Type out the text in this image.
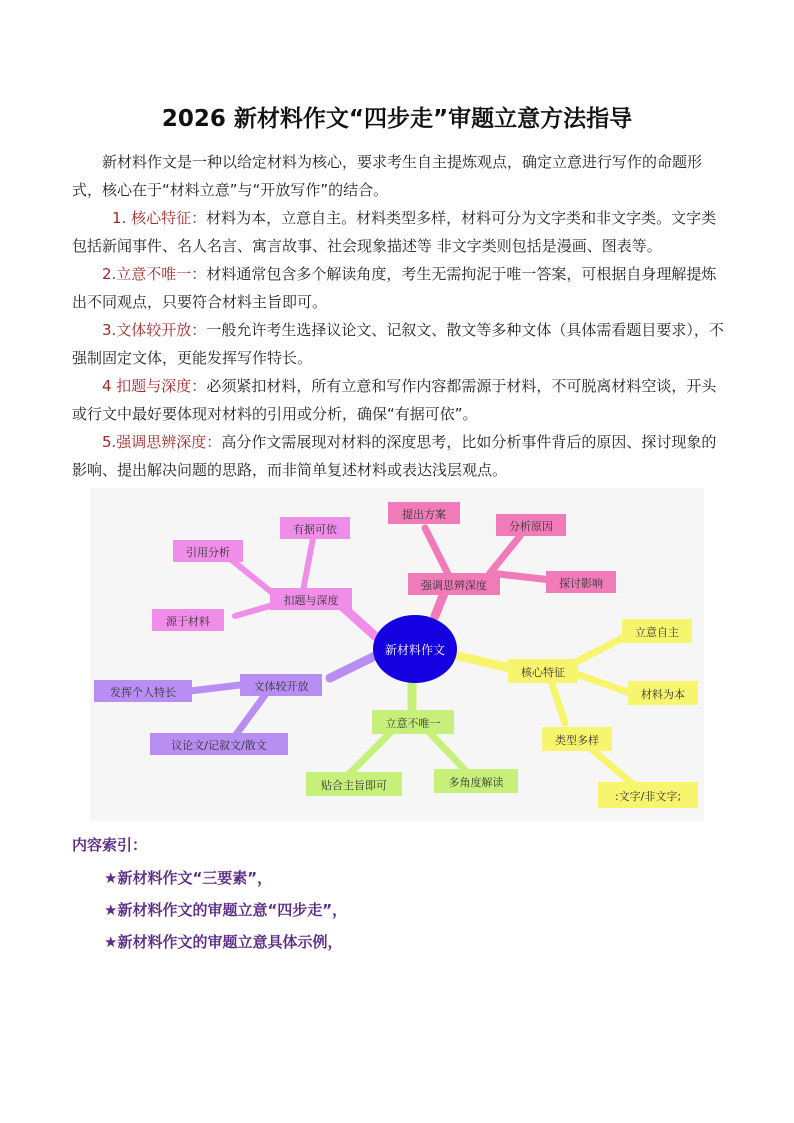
2026 新材料作文“四步走”审题立意方法指导
新材料作文是一种以给定材料为核心，要求考生自主提炼观点，确定立意进行写作的命题形式，核心在于“材料立意”与“开放写作”的结合。
1. 核心特征：材料为本，立意自主。材料类型多样，材料可分为文字类和非文字类。文字类包括新闻事件、名人名言、寓言故事、社会现象描述等 非文字类则包括是漫画、图表等。
2.立意不唯一：材料通常包含多个解读角度，考生无需拘泥于唯一答案，可根据自身理解提炼出不同观点，只要符合材料主旨即可。
3.文体较开放：一般允许考生选择议论文、记叙文、散文等多种文体（具体需看题目要求），不强制固定文体，更能发挥写作特长。
4 扣题与深度：必须紧扣材料，所有立意和写作内容都需源于材料，不可脱离材料空谈，开头或行文中最好要体现对材料的引用或分析，确保“有据可依”。
5.强调思辨深度：高分作文需展现对材料的深度思考，比如分析事件背后的原因、探讨现象的影响、提出解决问题的思路，而非简单复述材料或表达浅层观点。
新材料作文
强调思辨深度
提出方案
分析原因
探讨影响
扣题与深度
有据可依
引用分析
源于材料
文体较开放
发挥个人特长
议论文/记叙文/散文
立意不唯一
贴合主旨即可	多角度解读
核心特征
立意自主
材料为本
类型多样
:文字/非文字;
内容索引：
★新材料作文“三要素”，
★新材料作文的审题立意“四步走”，
★新材料作文的审题立意具体示例，
